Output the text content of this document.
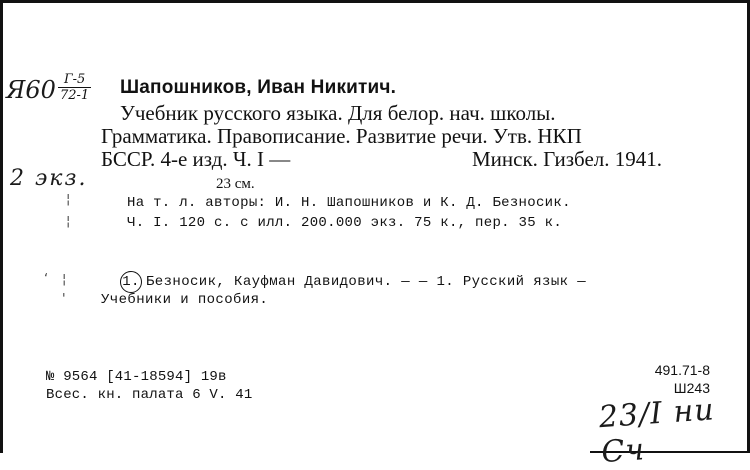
Я60 Г-5
72-1
2 экз.
Шапошников, Иван Никитич.
Учебник русского языка. Для белор. нач. школы.
Грамматика. Правописание. Развитие речи. Утв. НКП
БССР. 4-е изд. Ч. I —	Минск. Гизбел. 1941.
23 см.
На т. л. авторы: И. Н. Шапошников и К. Д. Безносик.
Ч. I. 120 с. с илл. 200.000 экз. 75 к., пер. 35 к.
¦
¦
‘ ¦
'
1. Безносик, Кауфман Давидович. — — 1. Русский язык —
Учебники и пособия.
№ 9564 [41-18594] 19в
Всес. кн. палата 6 V. 41
491.71-8
Ш243
23/I ни Сч
